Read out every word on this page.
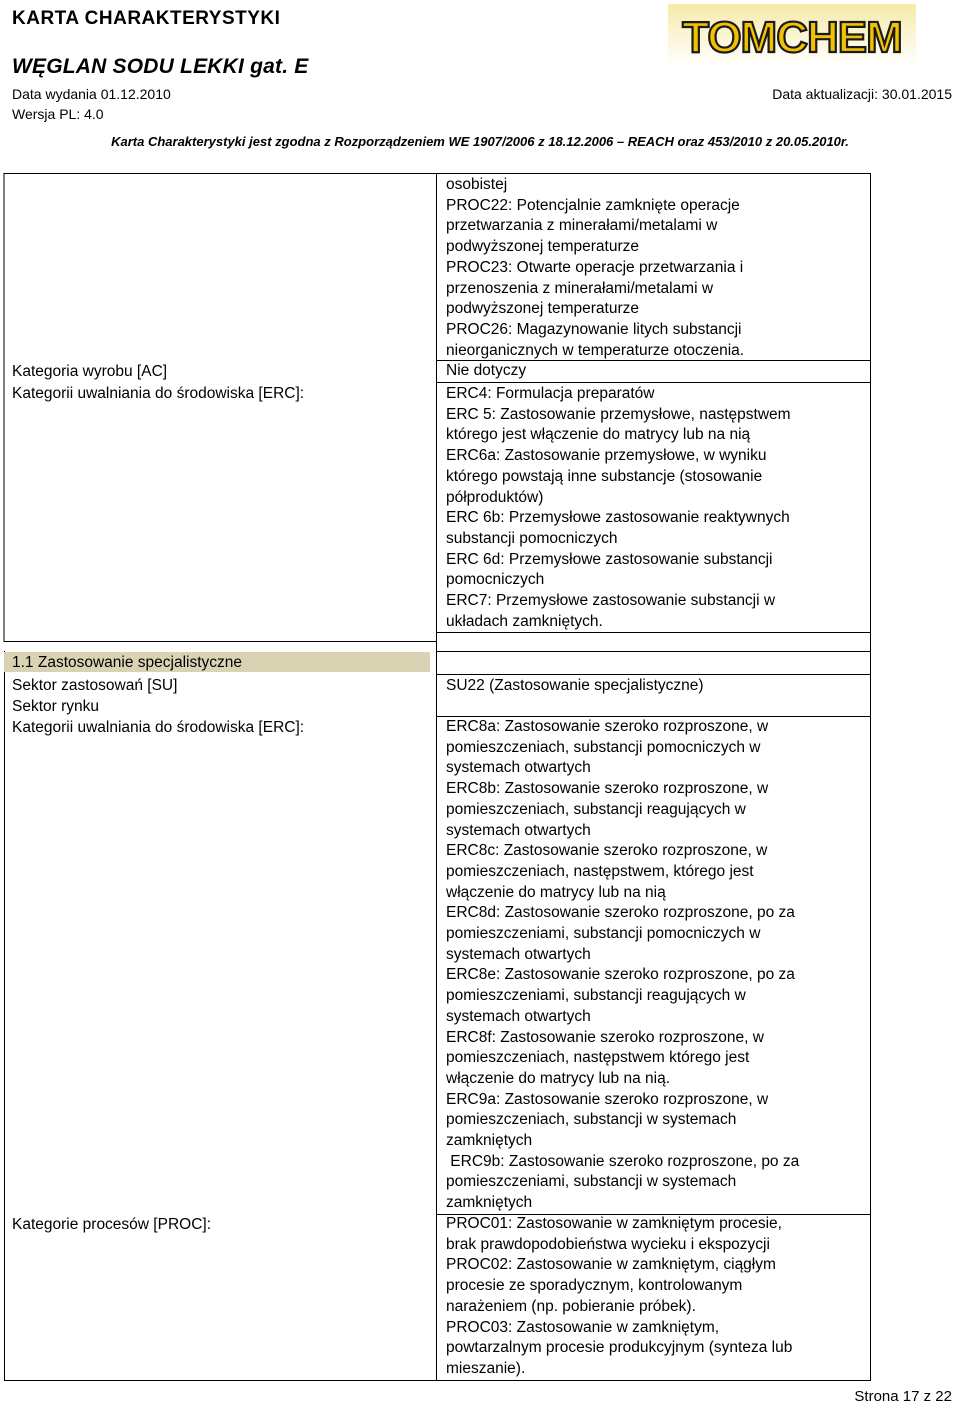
KARTA CHARAKTERYSTYKI
WĘGLAN SODU LEKKI gat. E
Data wydania 01.12.2010
Wersja PL: 4.0
Data aktualizacji: 30.01.2015
Karta Charakterystyki jest zgodna z Rozporządzeniem WE 1907/2006 z 18.12.2006 – REACH oraz 453/2010 z 20.05.2010r.
TOMCHEM
osobistej
PROC22: Potencjalnie zamknięte operacje
przetwarzania z minerałami/metalami w
podwyższonej temperaturze
PROC23: Otwarte operacje przetwarzania i
przenoszenia z minerałami/metalami w
podwyższonej temperaturze
PROC26: Magazynowanie litych substancji
nieorganicznych w temperaturze otoczenia.
Kategoria wyrobu [AC]
Kategorii uwalniania do środowiska [ERC]:
Nie dotyczy
ERC4: Formulacja preparatów
ERC 5: Zastosowanie przemysłowe, następstwem
którego jest włączenie do matrycy lub na nią
ERC6a: Zastosowanie przemysłowe, w wyniku
którego powstają inne substancje (stosowanie
półproduktów)
ERC 6b: Przemysłowe zastosowanie reaktywnych
substancji pomocniczych
ERC 6d: Przemysłowe zastosowanie substancji
pomocniczych
ERC7: Przemysłowe zastosowanie substancji w
układach zamkniętych.
1.1 Zastosowanie specjalistyczne
Sektor zastosowań [SU]
Sektor rynku
Kategorii uwalniania do środowiska [ERC]:
Kategorie procesów [PROC]:
SU22 (Zastosowanie specjalistyczne)
ERC8a: Zastosowanie szeroko rozproszone, w
pomieszczeniach, substancji pomocniczych w
systemach otwartych
ERC8b: Zastosowanie szeroko rozproszone, w
pomieszczeniach, substancji reagujących w
systemach otwartych
ERC8c: Zastosowanie szeroko rozproszone, w
pomieszczeniach, następstwem, którego jest
włączenie do matrycy lub na nią
ERC8d: Zastosowanie szeroko rozproszone, po za
pomieszczeniami, substancji pomocniczych w
systemach otwartych
ERC8e: Zastosowanie szeroko rozproszone, po za
pomieszczeniami, substancji reagujących w
systemach otwartych
ERC8f: Zastosowanie szeroko rozproszone, w
pomieszczeniach, następstwem którego jest
włączenie do matrycy lub na nią.
ERC9a: Zastosowanie szeroko rozproszone, w
pomieszczeniach, substancji w systemach
zamkniętych
ERC9b: Zastosowanie szeroko rozproszone, po za
pomieszczeniami, substancji w systemach
zamkniętych
PROC01: Zastosowanie w zamkniętym procesie,
brak prawdopodobieństwa wycieku i ekspozycji
PROC02: Zastosowanie w zamkniętym, ciągłym
procesie ze sporadycznym, kontrolowanym
narażeniem (np. pobieranie próbek).
PROC03: Zastosowanie w zamkniętym,
powtarzalnym procesie produkcyjnym (synteza lub
mieszanie).
Strona 17 z 22
